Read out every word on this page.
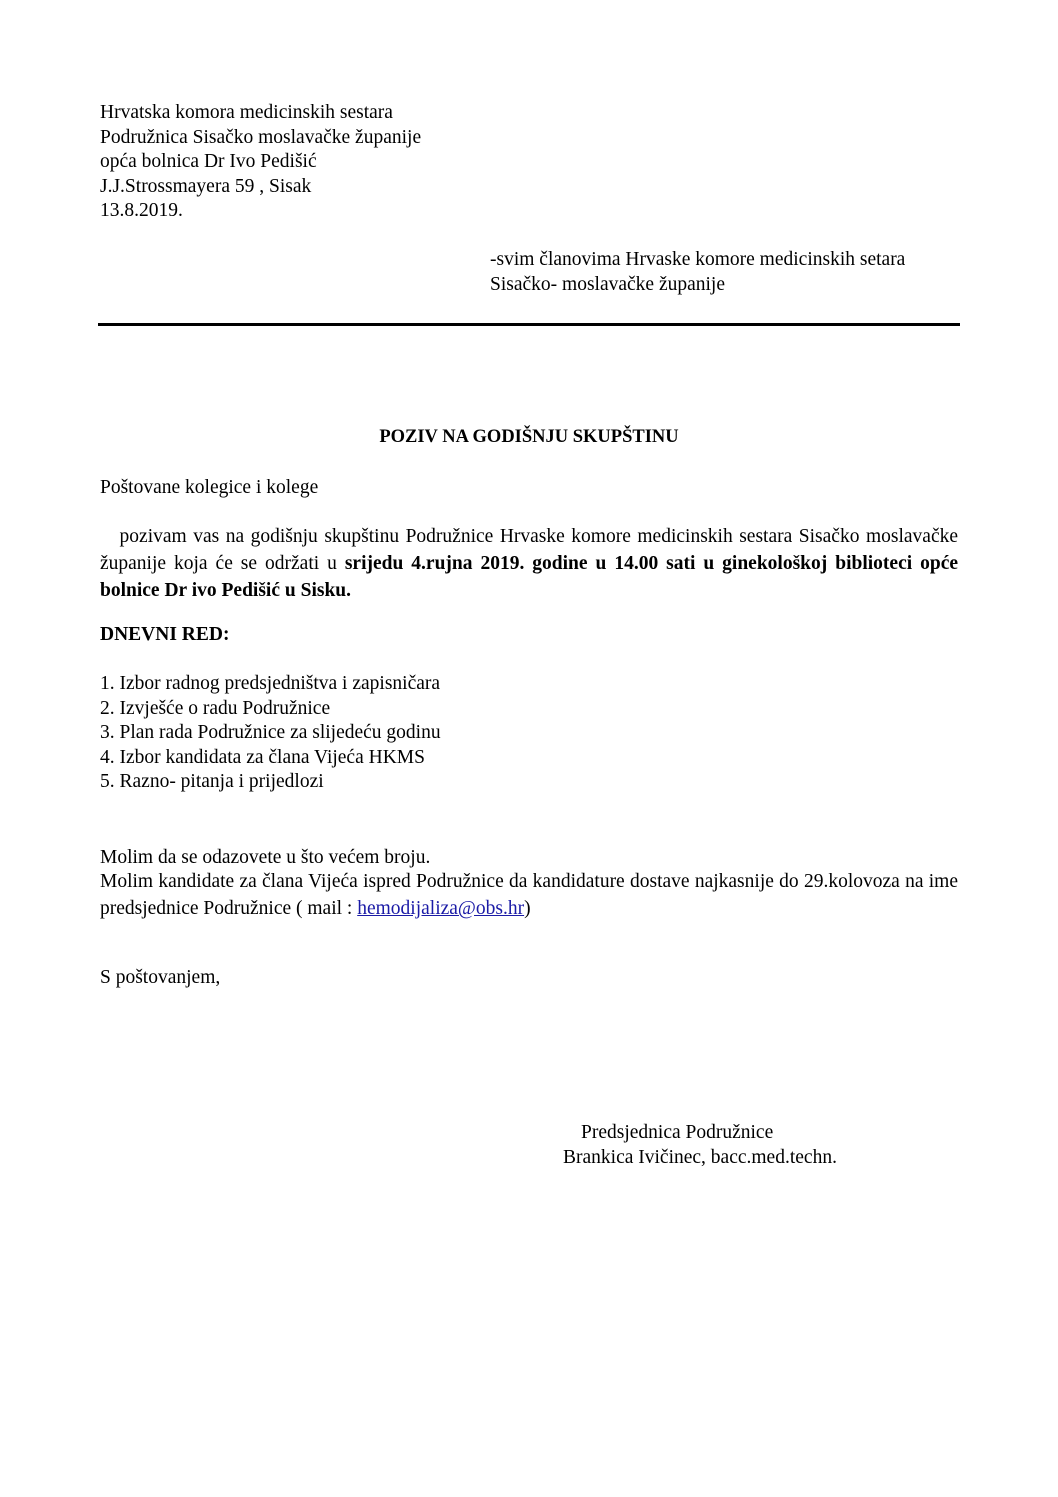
Hrvatska komora medicinskih sestara
Podružnica Sisačko moslavačke županije
opća bolnica Dr Ivo Pedišić
J.J.Strossmayera 59 , Sisak
13.8.2019.
-svim članovima Hrvaske komore medicinskih setara
Sisačko- moslavačke županije
POZIV NA GODIŠNJU SKUPŠTINU
Poštovane kolegice i kolege
pozivam vas na godišnju skupštinu Podružnice Hrvaske komore medicinskih sestara Sisačko moslavačke županije koja će se održati u srijedu 4.rujna 2019. godine u 14.00 sati u ginekološkoj biblioteci opće bolnice Dr ivo Pedišić u Sisku.
DNEVNI RED:
1. Izbor radnog predsjedništva i zapisničara
2. Izvješće o radu Podružnice
3. Plan rada Podružnice za slijedeću godinu
4. Izbor kandidata za člana Vijeća HKMS
5. Razno- pitanja i prijedlozi
Molim da se odazovete u što većem broju.
Molim kandidate za člana Vijeća ispred Podružnice da kandidature dostave najkasnije do 29.kolovoza na ime predsjednice Podružnice ( mail : hemodijaliza@obs.hr)
S poštovanjem,
Predsjednica Podružnice
Brankica Ivičinec, bacc.med.techn.
